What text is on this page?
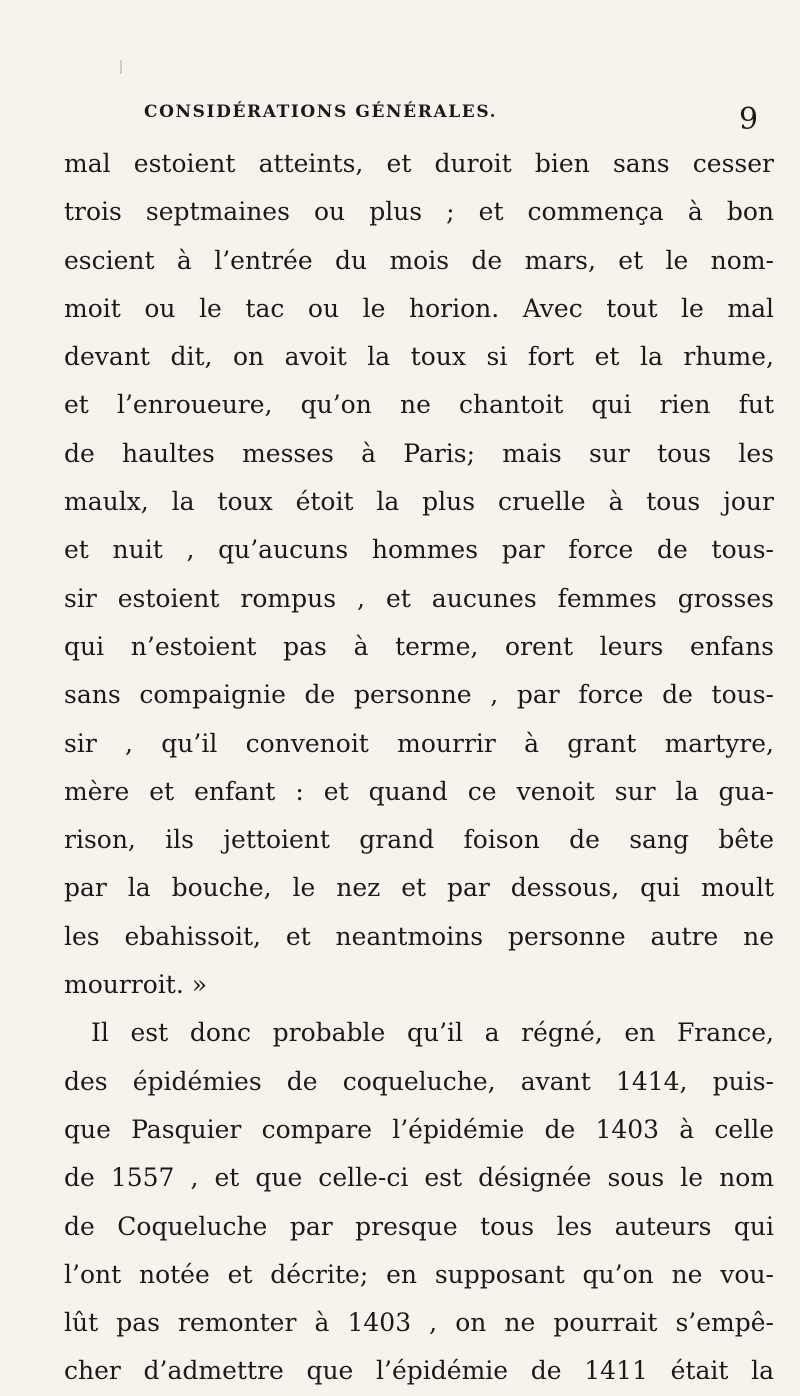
CONSIDÉRATIONS GÉNÉRALES.	9
mal estoient atteints, et duroit bien sans cesser
trois septmaines ou plus ; et commença à bon
escient à l’entrée du mois de mars, et le nom-
moit ou le tac ou le horion. Avec tout le mal
devant dit, on avoit la toux si fort et la rhume,
et l’enroueure, qu’on ne chantoit qui rien fut
de haultes messes à Paris; mais sur tous les
maulx, la toux étoit la plus cruelle à tous jour
et nuit , qu’aucuns hommes par force de tous-
sir estoient rompus , et aucunes femmes grosses
qui n’estoient pas à terme, orent leurs enfans
sans compaignie de personne , par force de tous-
sir , qu’il convenoit mourrir à grant martyre,
mère et enfant : et quand ce venoit sur la gua-
rison, ils jettoient grand foison de sang bête
par la bouche, le nez et par dessous, qui moult
les ebahissoit, et neantmoins personne autre ne
mourroit. »
Il est donc probable qu’il a régné, en France,
des épidémies de coqueluche, avant 1414, puis-
que Pasquier compare l’épidémie de 1403 à celle
de 1557 , et que celle-ci est désignée sous le nom
de Coqueluche par presque tous les auteurs qui
l’ont notée et décrite; en supposant qu’on ne vou-
lût pas remonter à 1403 , on ne pourrait s’empê-
cher d’admettre que l’épidémie de 1411 était la
